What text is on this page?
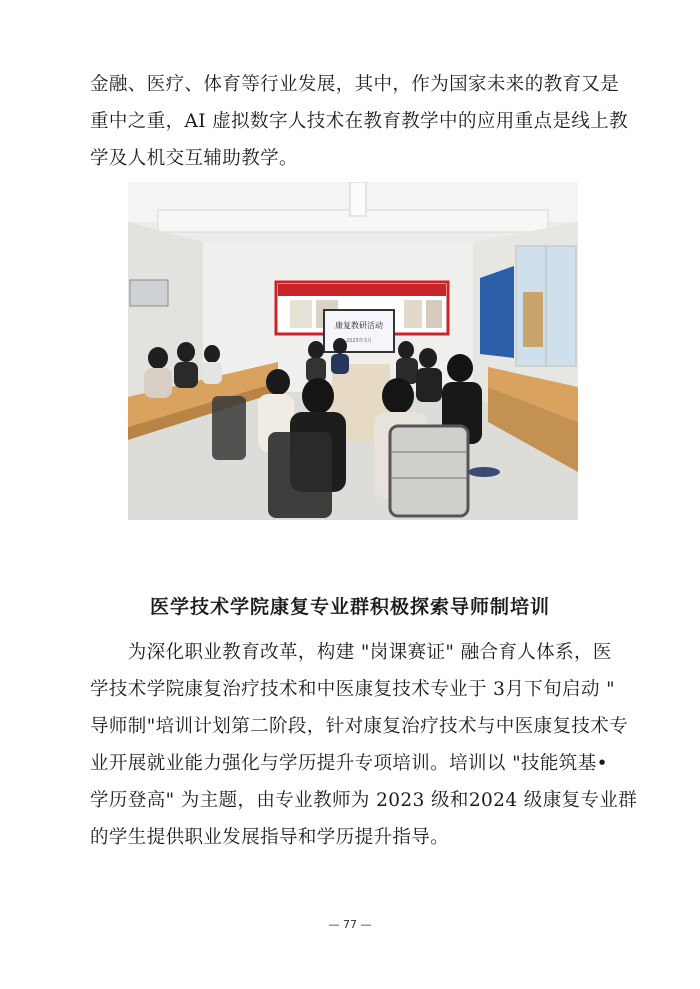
金融、医疗、体育等行业发展，其中，作为国家未来的教育又是

重中之重，AI 虚拟数字人技术在教育教学中的应用重点是线上教

学及人机交互辅助教学。

康复教研活动
2025年3月
医学技术学院康复专业群积极探索导师制培训

　　为深化职业教育改革，构建 "岗课赛证" 融合育人体系，医

学技术学院康复治疗技术和中医康复技术专业于 3月下旬启动 "

导师制"培训计划第二阶段，针对康复治疗技术与中医康复技术专

业开展就业能力强化与学历提升专项培训。培训以 "技能筑基•

学历登高" 为主题，由专业教师为 2023 级和2024 级康复专业群

的学生提供职业发展指导和学历提升指导。

— 77 —
